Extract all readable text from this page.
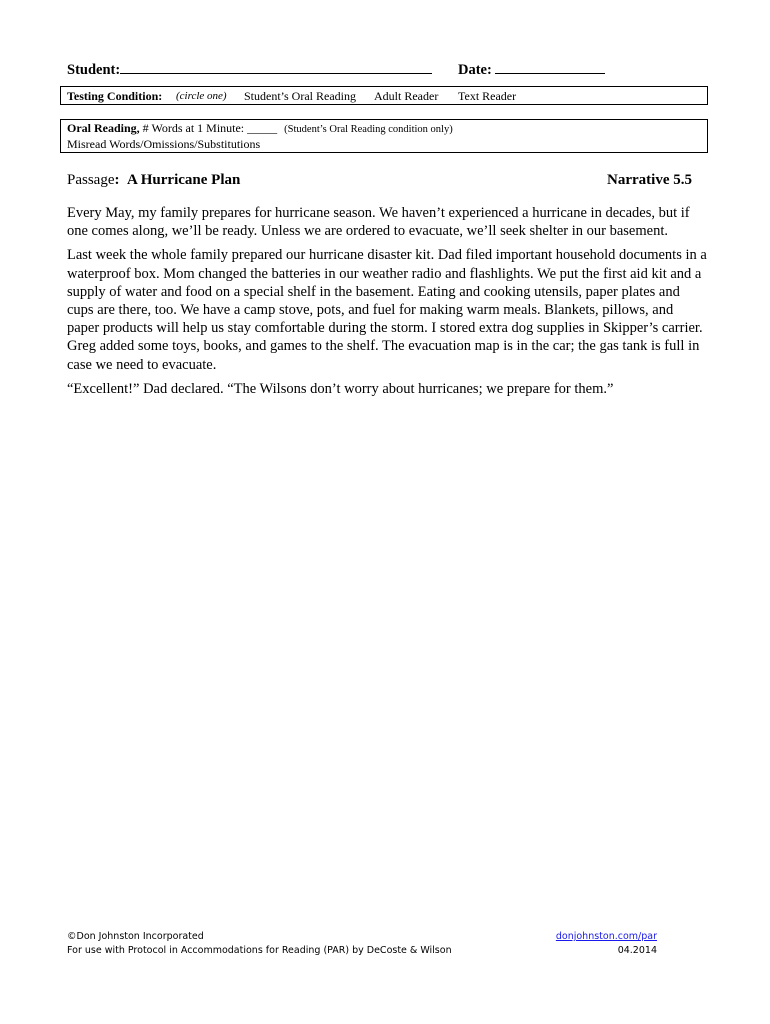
Student:	Date:
Testing Condition: (circle one) Student’s Oral Reading Adult Reader Text Reader
Oral Reading, # Words at 1 Minute: _____ (Student’s Oral Reading condition only)
Misread Words/Omissions/Substitutions
Passage:  A Hurricane Plan	Narrative 5.5

Every May, my family prepares for hurricane season. We haven’t experienced a hurricane in decades, but if one comes along, we’ll be ready. Unless we are ordered to evacuate, we’ll seek shelter in our basement.

Last week the whole family prepared our hurricane disaster kit. Dad filed important household documents in a waterproof box. Mom changed the batteries in our weather radio and flashlights. We put the first aid kit and a supply of water and food on a special shelf in the basement. Eating and cooking utensils, paper plates and cups are there, too. We have a camp stove, pots, and fuel for making warm meals. Blankets, pillows, and paper products will help us stay comfortable during the storm. I stored extra dog supplies in Skipper’s carrier. Greg added some toys, books, and games to the shelf. The evacuation map is in the car; the gas tank is full in case we need to evacuate.

“Excellent!” Dad declared. “The Wilsons don’t worry about hurricanes; we prepare for them.”

©Don Johnston Incorporated
For use with Protocol in Accommodations for Reading (PAR) by DeCoste & Wilson
donjohnston.com/par
04.2014
